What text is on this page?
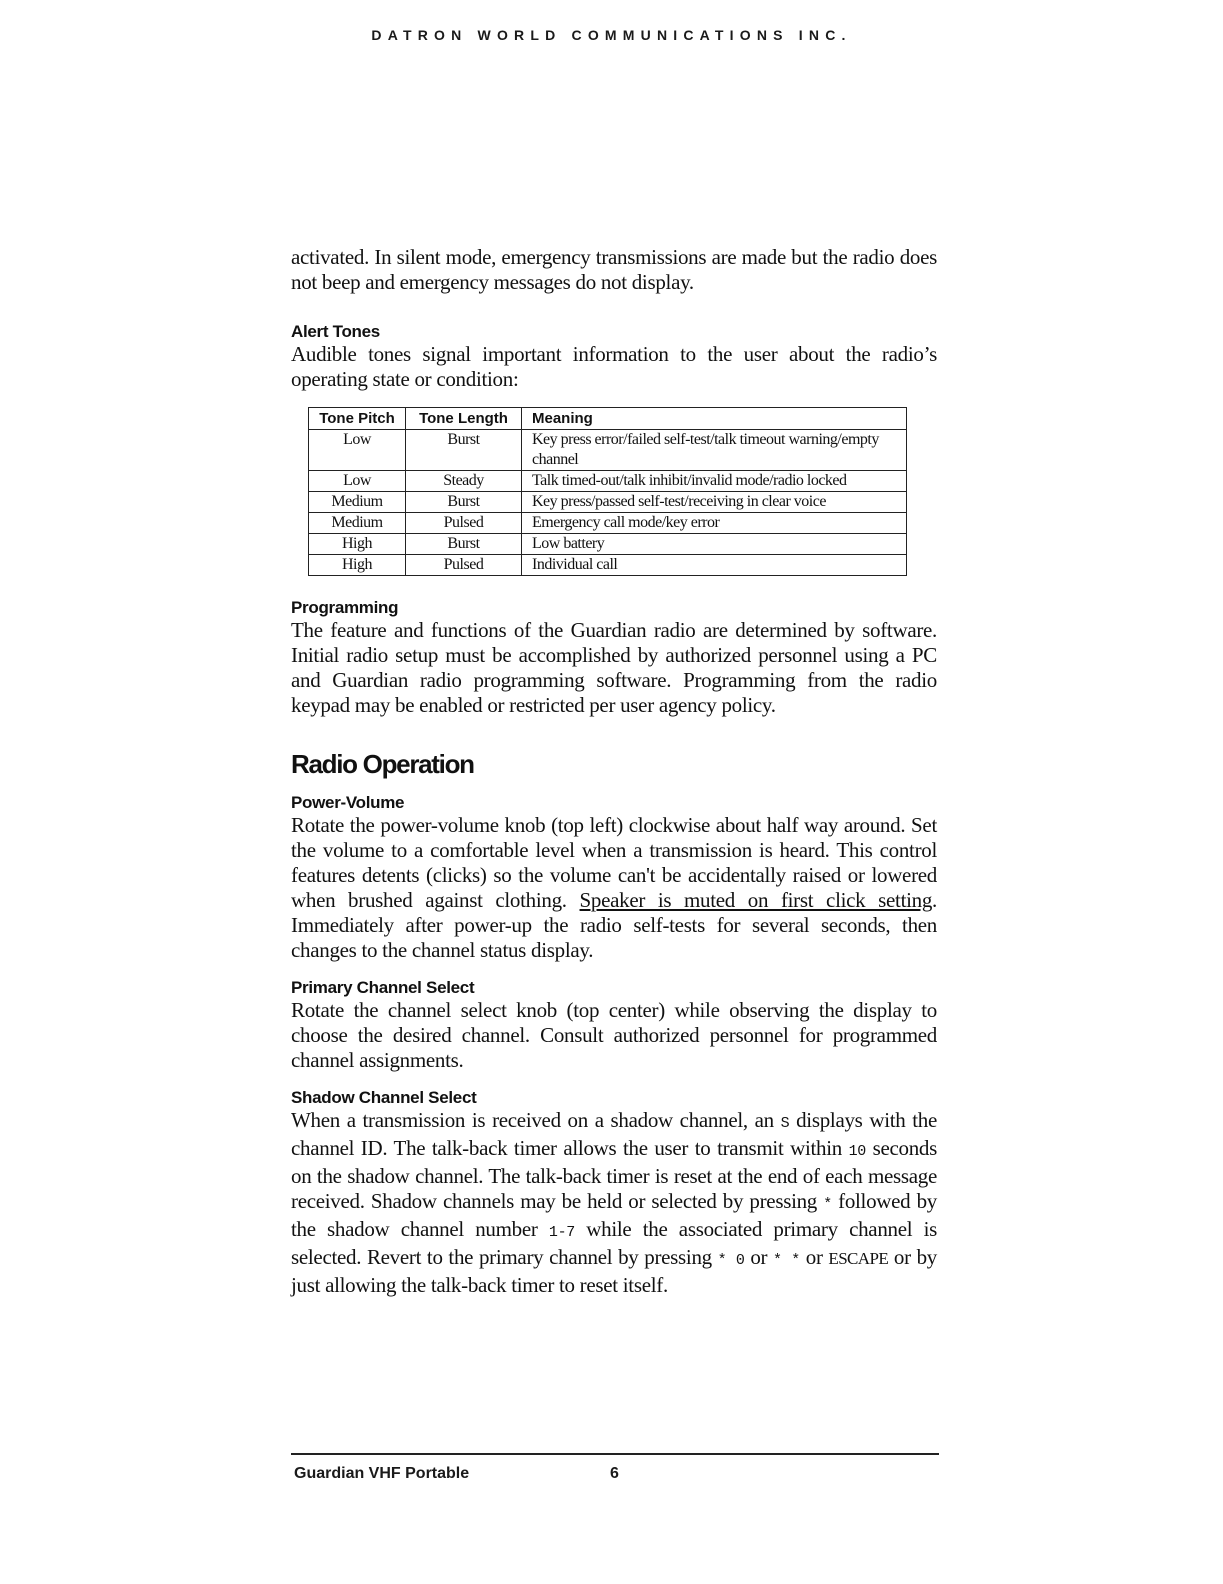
DATRON WORLD COMMUNICATIONS INC.

activated. In silent mode, emergency transmissions are made but the radio does not beep and emergency messages do not display.

Alert Tones

Audible tones signal important information to the user about the radio’s operating state or condition:

Tone Pitch	Tone Length	Meaning
Low	Burst	Key press error/failed self-test/talk timeout warning/empty channel
Low	Steady	Talk timed-out/talk inhibit/invalid mode/radio locked
Medium	Burst	Key press/passed self-test/receiving in clear voice
Medium	Pulsed	Emergency call mode/key error
High	Burst	Low battery
High	Pulsed	Individual call

Programming

The feature and functions of the Guardian radio are determined by software. Initial radio setup must be accomplished by authorized personnel using a PC and Guardian radio programming software. Programming from the radio keypad may be enabled or restricted per user agency policy.

Radio Operation

Power-Volume

Rotate the power-volume knob (top left) clockwise about half way around. Set the volume to a comfortable level when a transmission is heard. This control features detents (clicks) so the volume can't be accidentally raised or lowered when brushed against clothing. Speaker is muted on first click setting. Immediately after power-up the radio self-tests for several seconds, then changes to the channel status display.

Primary Channel Select

Rotate the channel select knob (top center) while observing the display to choose the desired channel. Consult authorized personnel for programmed channel assignments.

Shadow Channel Select

When a transmission is received on a shadow channel, an S displays with the channel ID. The talk-back timer allows the user to transmit within 10 seconds on the shadow channel. The talk-back timer is reset at the end of each message received. Shadow channels may be held or selected by pressing * followed by the shadow channel number 1-7 while the associated primary channel is selected. Revert to the primary channel by pressing * 0 or * * or ESCAPE or by just allowing the talk-back timer to reset itself.

Guardian VHF Portable	6
